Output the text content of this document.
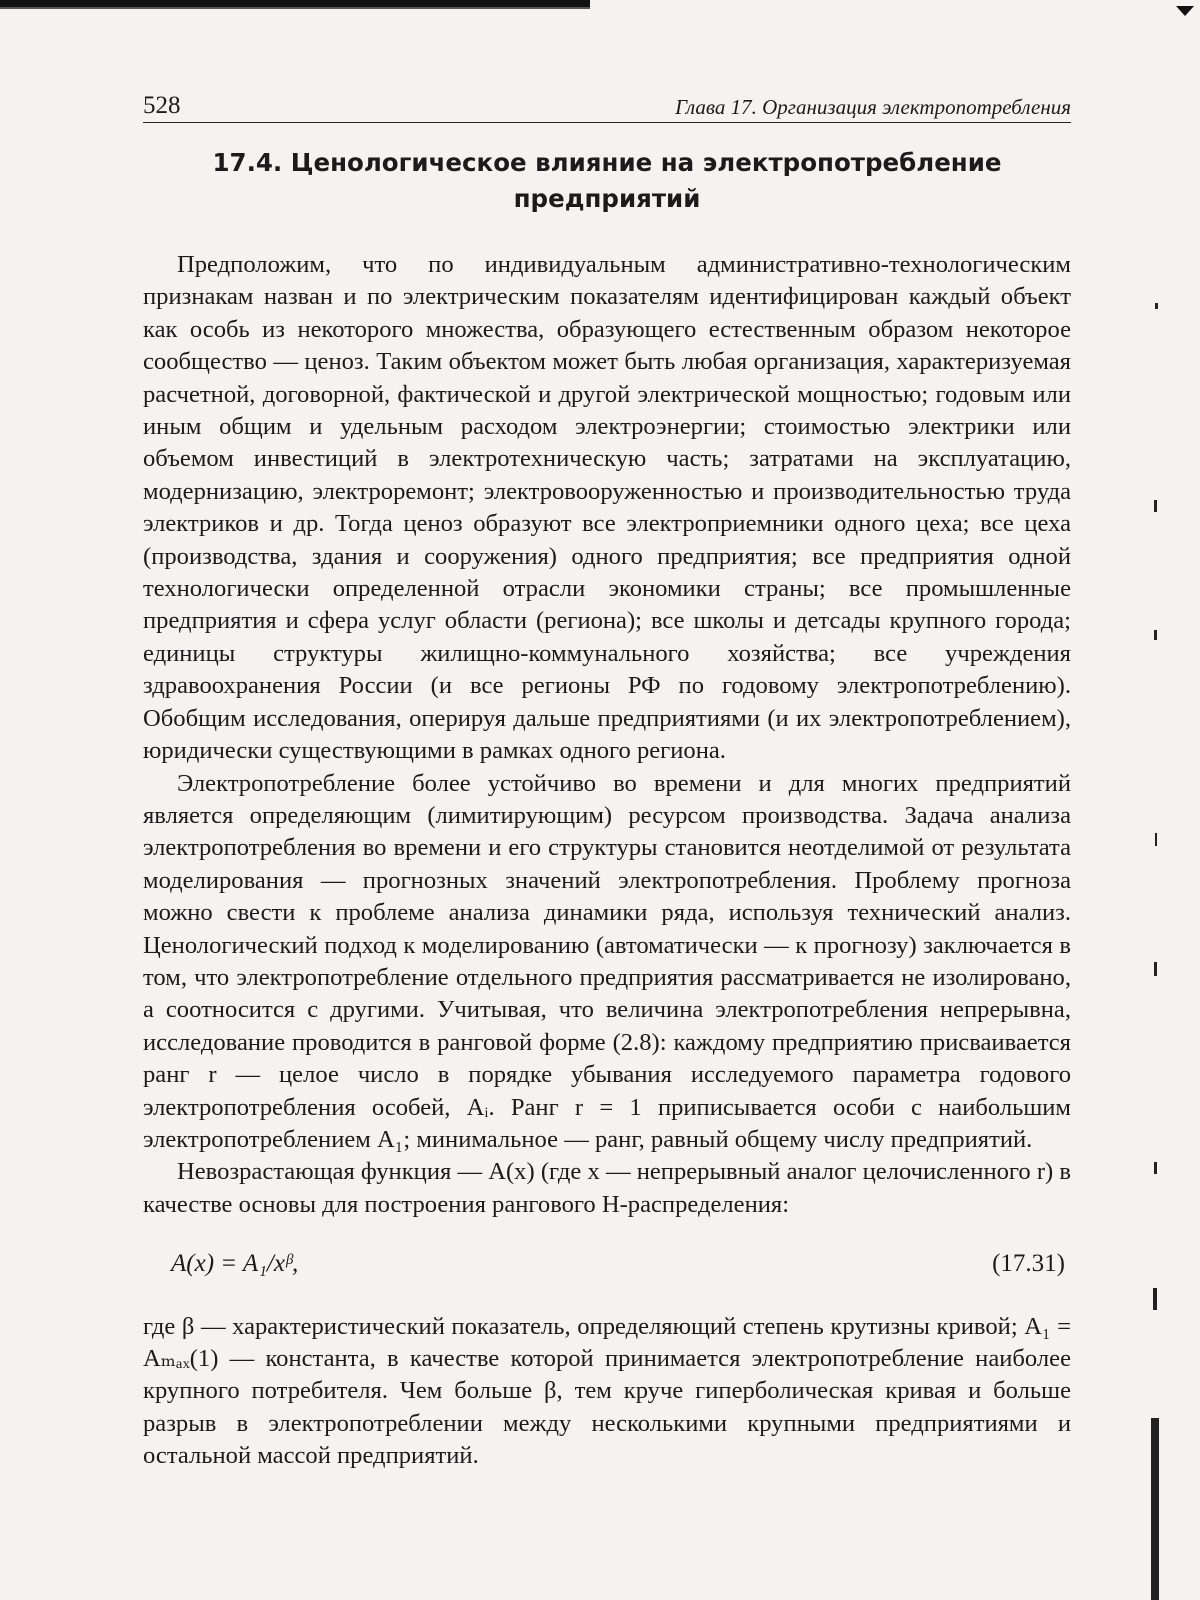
528	Глава 17. Организация электропотребления
17.4. Ценологическое влияние на электропотребление предприятий

Предположим, что по индивидуальным административно-технологическим признакам назван и по электрическим показателям идентифицирован каждый объект как особь из некоторого множества, образующего естественным образом некоторое сообщество — ценоз. Таким объектом может быть любая организация, характеризуемая расчетной, договорной, фактической и другой электрической мощностью; годовым или иным общим и удельным расходом электроэнергии; стоимостью электрики или объемом инвестиций в электротехническую часть; затратами на эксплуатацию, модернизацию, электроремонт; электровооруженностью и производительностью труда электриков и др. Тогда ценоз образуют все электроприемники одного цеха; все цеха (производства, здания и сооружения) одного предприятия; все предприятия одной технологически определенной отрасли экономики страны; все промышленные предприятия и сфера услуг области (региона); все школы и детсады крупного города; единицы структуры жилищно-коммунального хозяйства; все учреждения здравоохранения России (и все регионы РФ по годовому электропотреблению). Обобщим исследования, оперируя дальше предприятиями (и их электропотреблением), юридически существующими в рамках одного региона.

Электропотребление более устойчиво во времени и для многих предприятий является определяющим (лимитирующим) ресурсом производства. Задача анализа электропотребления во времени и его структуры становится неотделимой от результата моделирования — прогнозных значений электропотребления. Проблему прогноза можно свести к проблеме анализа динамики ряда, используя технический анализ. Ценологический подход к моделированию (автоматически — к прогнозу) заключается в том, что электропотребление отдельного предприятия рассматривается не изолировано, а соотносится с другими. Учитывая, что величина электропотребления непрерывна, исследование проводится в ранговой форме (2.8): каждому предприятию присваивается ранг r — целое число в порядке убывания исследуемого параметра годового электропотребления особей, Aᵢ. Ранг r = 1 приписывается особи с наибольшим электропотреблением A₁; минимальное — ранг, равный общему числу предприятий.

Невозрастающая функция — A(x) (где x — непрерывный аналог целочисленного r) в качестве основы для построения рангового H-распределения:

A(x) = A₁/xᵝ,	(17.31)

где β — характеристический показатель, определяющий степень крутизны кривой; A₁ = Aₘₐₓ(1) — константа, в качестве которой принимается электропотребление наиболее крупного потребителя. Чем больше β, тем круче гиперболическая кривая и больше разрыв в электропотреблении между несколькими крупными предприятиями и остальной массой предприятий.
